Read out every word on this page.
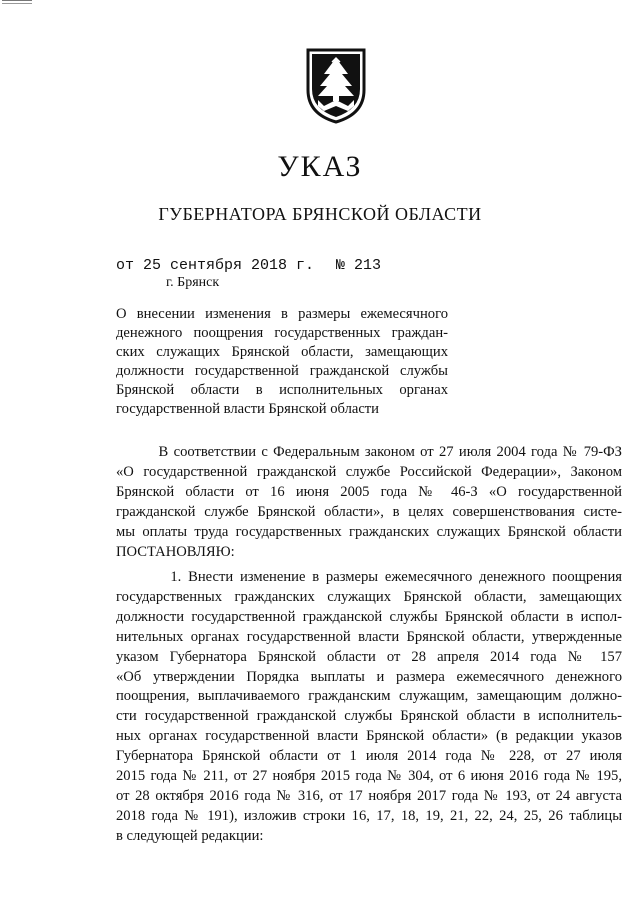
УКАЗ
ГУБЕРНАТОРА БРЯНСКОЙ ОБЛАСТИ
от 25 сентября 2018 г. № 213
г. Брянск
О внесении изменения в размеры ежемесячного
денежного поощрения государственных граждан-
ских служащих Брянской области, замещающих
должности государственной гражданской службы
Брянской области в исполнительных органах
государственной власти Брянской области
В соответствии с Федеральным законом от 27 июля 2004 года № 79-ФЗ
«О государственной гражданской службе Российской Федерации», Законом
Брянской области от 16 июня 2005 года № 46-З «О государственной
гражданской службе Брянской области», в целях совершенствования систе-
мы оплаты труда государственных гражданских служащих Брянской области
ПОСТАНОВЛЯЮ:
1. Внести изменение в размеры ежемесячного денежного поощрения
государственных гражданских служащих Брянской области, замещающих
должности государственной гражданской службы Брянской области в испол-
нительных органах государственной власти Брянской области, утвержденные
указом Губернатора Брянской области от 28 апреля 2014 года № 157
«Об утверждении Порядка выплаты и размера ежемесячного денежного
поощрения, выплачиваемого гражданским служащим, замещающим должно-
сти государственной гражданской службы Брянской области в исполнитель-
ных органах государственной власти Брянской области» (в редакции указов
Губернатора Брянской области от 1 июля 2014 года № 228, от 27 июля
2015 года № 211, от 27 ноября 2015 года № 304, от 6 июня 2016 года № 195,
от 28 октября 2016 года № 316, от 17 ноября 2017 года № 193, от 24 августа
2018 года № 191), изложив строки 16, 17, 18, 19, 21, 22, 24, 25, 26 таблицы
в следующей редакции:
